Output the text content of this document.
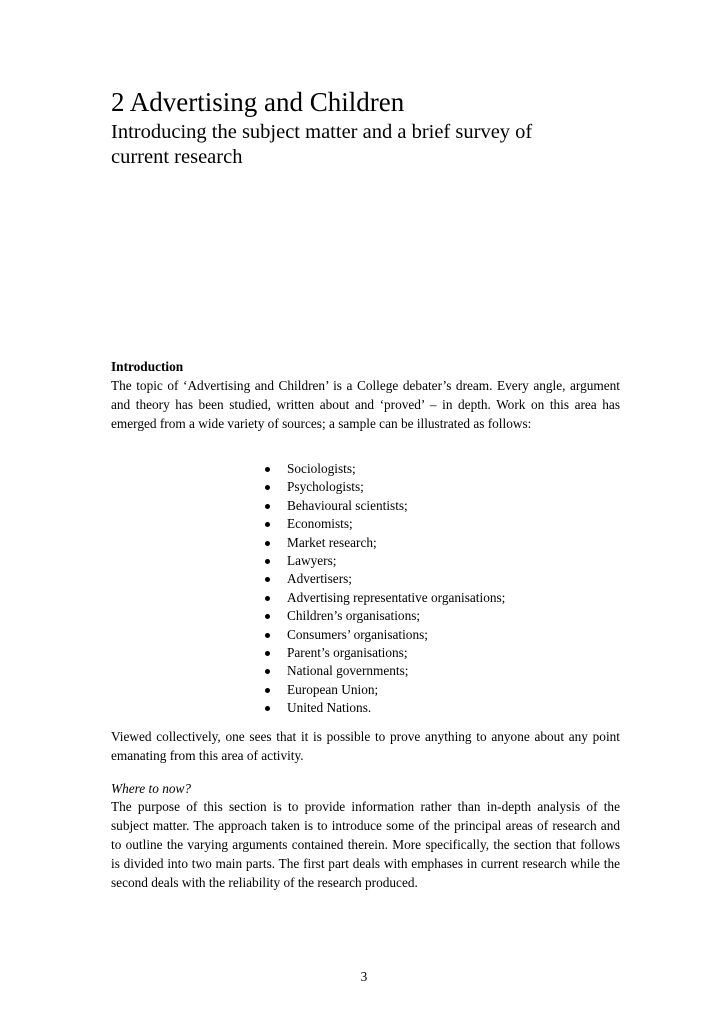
2 Advertising and Children
Introducing the subject matter and a brief survey of current research

Introduction

The topic of ‘Advertising and Children’ is a College debater’s dream. Every angle, argument and theory has been studied, written about and ‘proved’ – in depth. Work on this area has emerged from a wide variety of sources; a sample can be illustrated as follows:

Sociologists;
Psychologists;
Behavioural scientists;
Economists;
Market research;
Lawyers;
Advertisers;
Advertising representative organisations;
Children’s organisations;
Consumers’ organisations;
Parent’s organisations;
National governments;
European Union;
United Nations.

Viewed collectively, one sees that it is possible to prove anything to anyone about any point emanating from this area of activity.

Where to now?

The purpose of this section is to provide information rather than in-depth analysis of the subject matter. The approach taken is to introduce some of the principal areas of research and to outline the varying arguments contained therein. More specifically, the section that follows is divided into two main parts. The first part deals with emphases in current research while the second deals with the reliability of the research produced.

3
